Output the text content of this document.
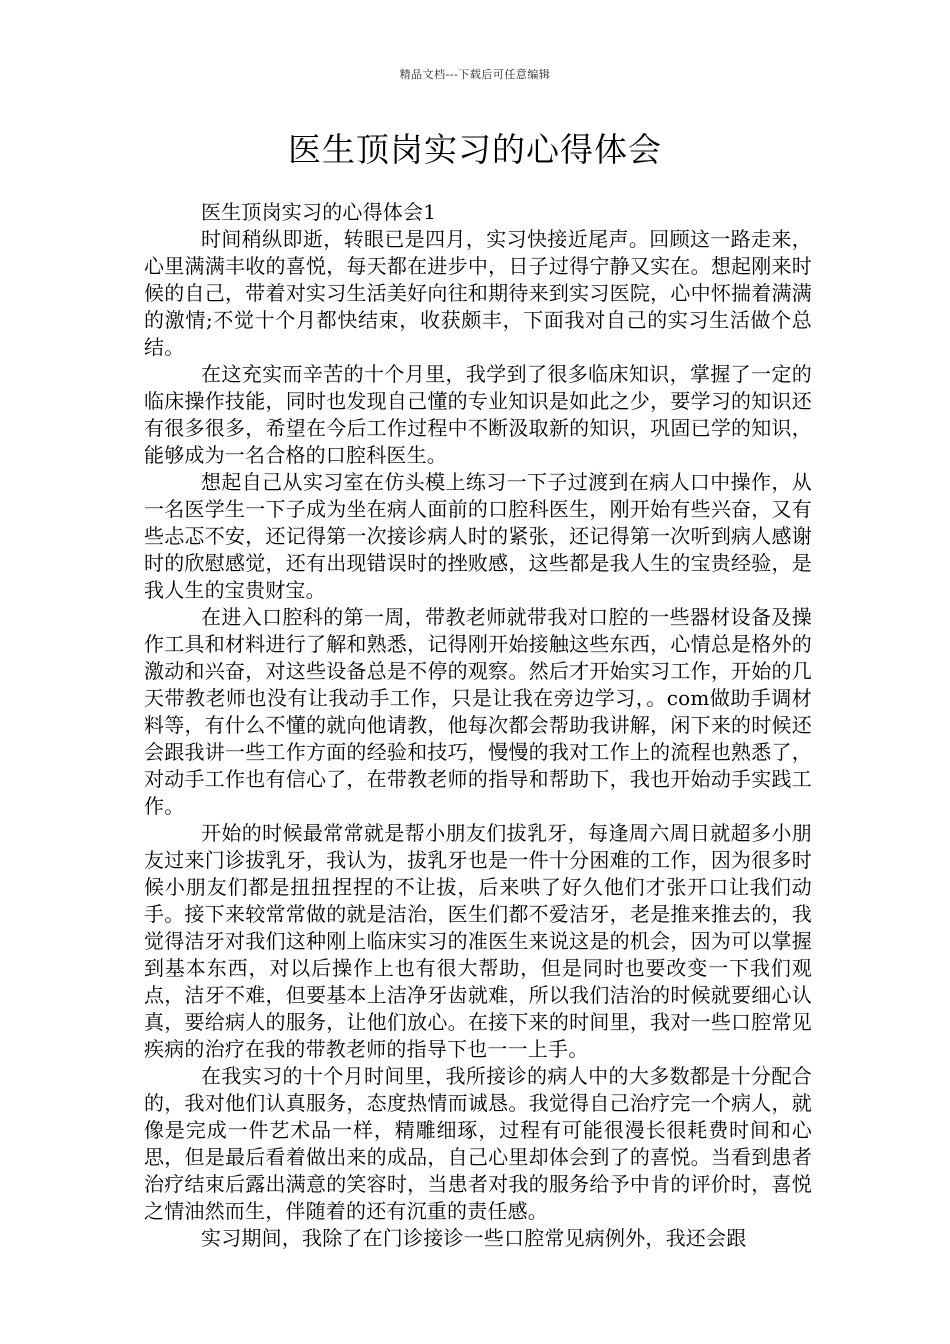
精品文档---下载后可任意编辑
医生顶岗实习的心得体会

医生顶岗实习的心得体会1

时间稍纵即逝，转眼已是四月，实习快接近尾声。回顾这一路走来，心里满满丰收的喜悦，每天都在进步中，日子过得宁静又实在。想起刚来时候的自己，带着对实习生活美好向往和期待来到实习医院，心中怀揣着满满的激情;不觉十个月都快结束，收获颇丰，下面我对自己的实习生活做个总结。

在这充实而辛苦的十个月里，我学到了很多临床知识，掌握了一定的临床操作技能，同时也发现自己懂的专业知识是如此之少，要学习的知识还有很多很多，希望在今后工作过程中不断汲取新的知识，巩固已学的知识，能够成为一名合格的口腔科医生。

想起自己从实习室在仿头模上练习一下子过渡到在病人口中操作，从一名医学生一下子成为坐在病人面前的口腔科医生，刚开始有些兴奋，又有些忐忑不安，还记得第一次接诊病人时的紧张，还记得第一次听到病人感谢时的欣慰感觉，还有出现错误时的挫败感，这些都是我人生的宝贵经验，是我人生的宝贵财宝。

在进入口腔科的第一周，带教老师就带我对口腔的一些器材设备及操作工具和材料进行了解和熟悉，记得刚开始接触这些东西，心情总是格外的激动和兴奋，对这些设备总是不停的观察。然后才开始实习工作，开始的几天带教老师也没有让我动手工作，只是让我在旁边学习，。com做助手调材料等，有什么不懂的就向他请教，他每次都会帮助我讲解，闲下来的时候还会跟我讲一些工作方面的经验和技巧，慢慢的我对工作上的流程也熟悉了，对动手工作也有信心了，在带教老师的指导和帮助下，我也开始动手实践工作。

开始的时候最常常就是帮小朋友们拔乳牙，每逢周六周日就超多小朋友过来门诊拔乳牙，我认为，拔乳牙也是一件十分困难的工作，因为很多时候小朋友们都是扭扭捏捏的不让拔，后来哄了好久他们才张开口让我们动手。接下来较常常做的就是洁治，医生们都不爱洁牙，老是推来推去的，我觉得洁牙对我们这种刚上临床实习的准医生来说这是的机会，因为可以掌握到基本东西，对以后操作上也有很大帮助，但是同时也要改变一下我们观点，洁牙不难，但要基本上洁净牙齿就难，所以我们洁治的时候就要细心认真，要给病人的服务，让他们放心。在接下来的时间里，我对一些口腔常见疾病的治疗在我的带教老师的指导下也一一上手。

在我实习的十个月时间里，我所接诊的病人中的大多数都是十分配合的，我对他们认真服务，态度热情而诚恳。我觉得自己治疗完一个病人，就像是完成一件艺术品一样，精雕细琢，过程有可能很漫长很耗费时间和心思，但是最后看着做出来的成品，自己心里却体会到了的喜悦。当看到患者治疗结束后露出满意的笑容时，当患者对我的服务给予中肯的评价时，喜悦之情油然而生，伴随着的还有沉重的责任感。

实习期间，我除了在门诊接诊一些口腔常见病例外，我还会跟
